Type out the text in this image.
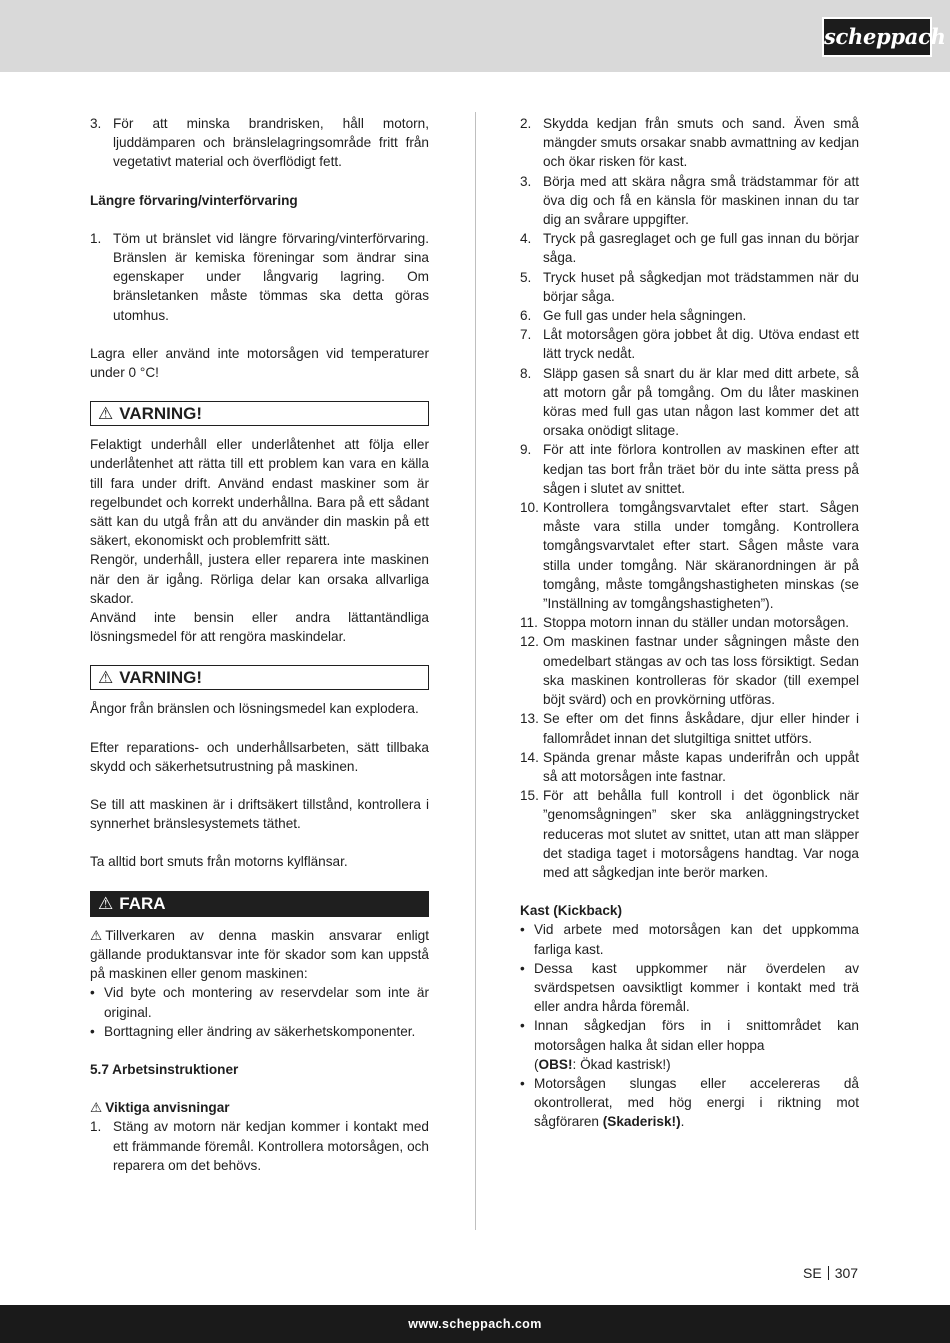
scheppach
3. För att minska brandrisken, håll motorn, ljuddämparen och bränslelagringsområde fritt från vegetativt material och överflödigt fett.

Längre förvaring/vinterförvaring

1. Töm ut bränslet vid längre förvaring/vinterförvaring. Bränslen är kemiska föreningar som ändrar sina egenskaper under långvarig lagring. Om bränsletanken måste tömmas ska detta göras utomhus.

Lagra eller använd inte motorsågen vid temperaturer under 0 °C!

⚠ VARNING!

Felaktigt underhåll eller underlåtenhet att följa eller underlåtenhet att rätta till ett problem kan vara en källa till fara under drift. Använd endast maskiner som är regelbundet och korrekt underhållna. Bara på ett sådant sätt kan du utgå från att du använder din maskin på ett säkert, ekonomiskt och problemfritt sätt.

Rengör, underhåll, justera eller reparera inte maskinen när den är igång. Rörliga delar kan orsaka allvarliga skador.

Använd inte bensin eller andra lättantändliga lösningsmedel för att rengöra maskindelar.

⚠ VARNING!

Ångor från bränslen och lösningsmedel kan explodera.

Efter reparations- och underhållsarbeten, sätt tillbaka skydd och säkerhetsutrustning på maskinen.

Se till att maskinen är i driftsäkert tillstånd, kontrollera i synnerhet bränslesystemets täthet.

Ta alltid bort smuts från motorns kylflänsar.

⚠ FARA

⚠ Tillverkaren av denna maskin ansvarar enligt gällande produktansvar inte för skador som kan uppstå på maskinen eller genom maskinen:

• Vid byte och montering av reservdelar som inte är original.
• Borttagning eller ändring av säkerhetskomponenter.

5.7 Arbetsinstruktioner

⚠ Viktiga anvisningar

1. Stäng av motorn när kedjan kommer i kontakt med ett främmande föremål. Kontrollera motorsågen, och reparera om det behövs.
2. Skydda kedjan från smuts och sand. Även små mängder smuts orsakar snabb avmattning av kedjan och ökar risken för kast.
3. Börja med att skära några små trädstammar för att öva dig och få en känsla för maskinen innan du tar dig an svårare uppgifter.
4. Tryck på gasreglaget och ge full gas innan du börjar såga.
5. Tryck huset på sågkedjan mot trädstammen när du börjar såga.
6. Ge full gas under hela sågningen.
7. Låt motorsågen göra jobbet åt dig. Utöva endast ett lätt tryck nedåt.
8. Släpp gasen så snart du är klar med ditt arbete, så att motorn går på tomgång. Om du låter maskinen köras med full gas utan någon last kommer det att orsaka onödigt slitage.
9. För att inte förlora kontrollen av maskinen efter att kedjan tas bort från träet bör du inte sätta press på sågen i slutet av snittet.
10. Kontrollera tomgångsvarvtalet efter start. Sågen måste vara stilla under tomgång. Kontrollera tomgångsvarvtalet efter start. Sågen måste vara stilla under tomgång. När skäranordningen är på tomgång, måste tomgångshastigheten minskas (se ”Inställning av tomgångshastigheten”).
11. Stoppa motorn innan du ställer undan motorsågen.
12. Om maskinen fastnar under sågningen måste den omedelbart stängas av och tas loss försiktigt. Sedan ska maskinen kontrolleras för skador (till exempel böjt svärd) och en provkörning utföras.
13. Se efter om det finns åskådare, djur eller hinder i fallområdet innan det slutgiltiga snittet utförs.
14. Spända grenar måste kapas underifrån och uppåt så att motorsågen inte fastnar.
15. För att behålla full kontroll i det ögonblick när ”genomsågningen” sker ska anläggningstrycket reduceras mot slutet av snittet, utan att man släpper det stadiga taget i motorsågens handtag. Var noga med att sågkedjan inte berör marken.

Kast (Kickback)

• Vid arbete med motorsågen kan det uppkomma farliga kast.
• Dessa kast uppkommer när överdelen av svärdspetsen oavsiktligt kommer i kontakt med trä eller andra hårda föremål.
• Innan sågkedjan förs in i snittområdet kan motorsågen halka åt sidan eller hoppa
(OBS!: Ökad kastrisk!)
• Motorsågen slungas eller accelereras då okontrollerat, med hög energi i riktning mot sågföraren (Skaderisk!).
SE 307
www.scheppach.com
